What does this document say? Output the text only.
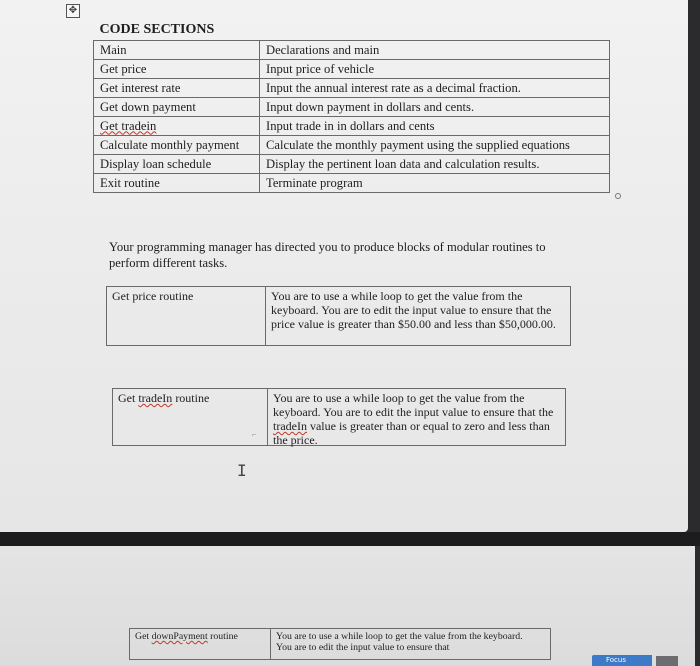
✥
CODE SECTIONS	
Main	Declarations and main
Get price	Input price of vehicle
Get interest rate	Input the annual interest rate as a decimal fraction.
Get down payment	Input down payment in dollars and cents.
Get tradein	Input trade in in dollars and cents
Calculate monthly payment	Calculate the monthly payment using the supplied equations
Display loan schedule	Display the pertinent loan data and calculation results.
Exit routine	Terminate program
Your programming manager has directed you to produce blocks of modular routines to perform different tasks.
Get price routine	You are to use a while loop to get the value from the keyboard. You are to edit the input value to ensure that the price value is greater than $50.00 and less than $50,000.00.
Get tradeIn routine	You are to use a while loop to get the value from the keyboard. You are to edit the input value to ensure that the tradeIn value is greater than or equal to zero and less than the price.
⌐
I
Get downPayment routine	You are to use a while loop to get the value from the keyboard. You are to edit the input value to ensure that
Focus
